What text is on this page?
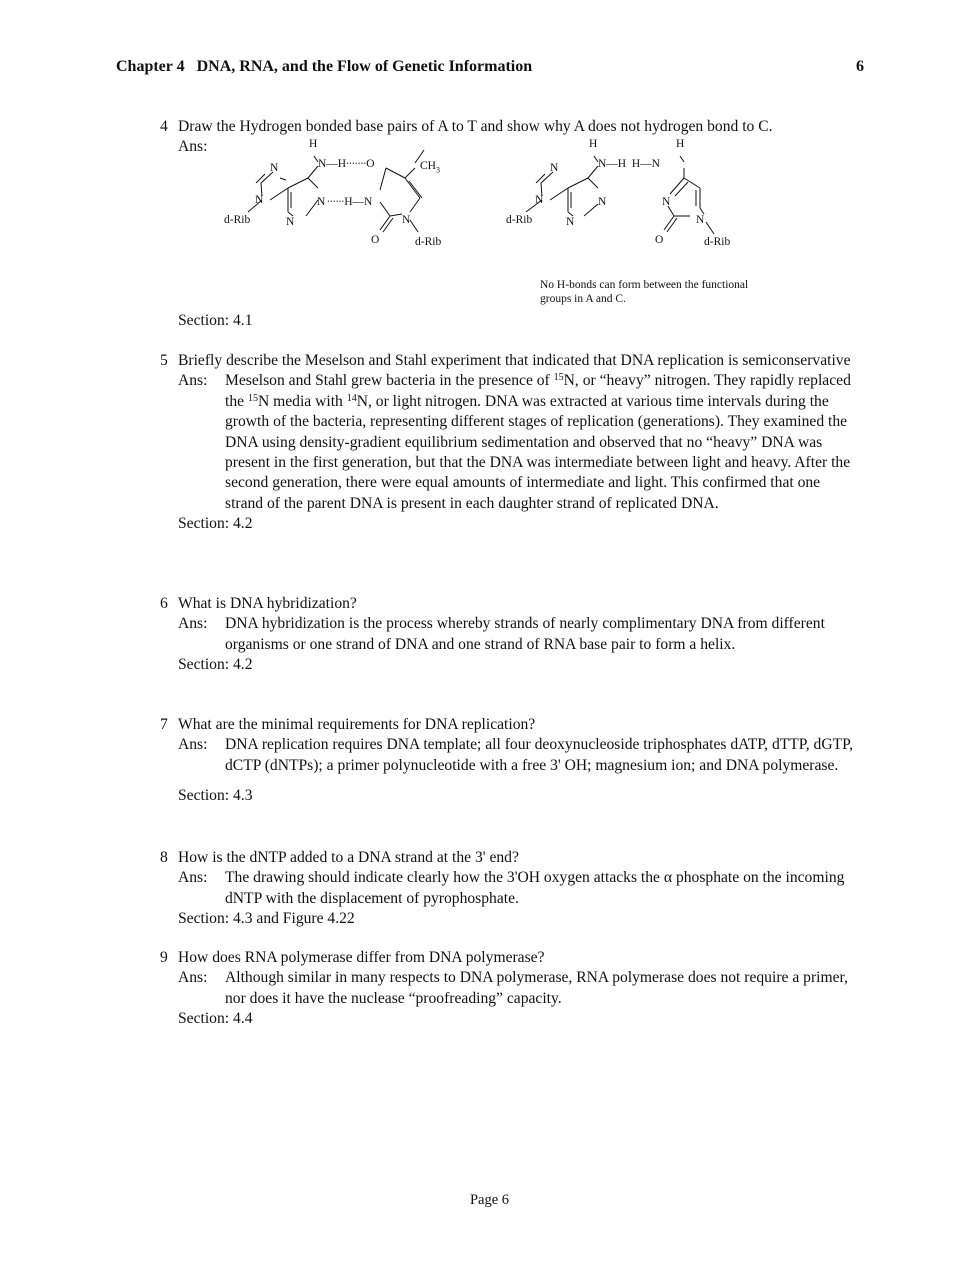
Chapter 4   DNA, RNA, and the Flow of Genetic Information	6
4 Draw the Hydrogen bonded base pairs of A to T and show why A does not hydrogen bond to C.
Ans:
Section: 4.1
H
N—H∙∙∙∙∙∙∙O	$CH_3$
N
N
N
N ∙∙∙∙∙∙H—N
N
O
d-Rib
d-Rib
H	H
N—H  H—N
N
N
N
N	N
N
O
d-Rib
d-Rib
No H-bonds can form between the functional
groups in A and C.
5 Briefly describe the Meselson and Stahl experiment that indicated that DNA replication is semiconservative
Ans: Meselson and Stahl grew bacteria in the presence of $^{15}$N, or “heavy” nitrogen. They rapidly replaced the $^{15}$N media with $^{14}$N, or light nitrogen. DNA was extracted at various time intervals during the growth of the bacteria, representing different stages of replication (generations). They examined the DNA using density-gradient equilibrium sedimentation and observed that no “heavy” DNA was present in the first generation, but that the DNA was intermediate between light and heavy. After the second generation, there were equal amounts of intermediate and light. This confirmed that one strand of the parent DNA is present in each daughter strand of replicated DNA.
Section: 4.2
6 What is DNA hybridization?
Ans: DNA hybridization is the process whereby strands of nearly complimentary DNA from different organisms or one strand of DNA and one strand of RNA base pair to form a helix.
Section: 4.2
7 What are the minimal requirements for DNA replication?
Ans: DNA replication requires DNA template; all four deoxynucleoside triphosphates dATP, dTTP, dGTP, dCTP (dNTPs); a primer polynucleotide with a free 3' OH; magnesium ion; and DNA polymerase.
Section: 4.3
8 How is the dNTP added to a DNA strand at the 3' end?
Ans: The drawing should indicate clearly how the 3'OH oxygen attacks the α phosphate on the incoming dNTP with the displacement of pyrophosphate.
Section: 4.3 and Figure 4.22
9 How does RNA polymerase differ from DNA polymerase?
Ans: Although similar in many respects to DNA polymerase, RNA polymerase does not require a primer, nor does it have the nuclease “proofreading” capacity.
Section: 4.4
Page 6
